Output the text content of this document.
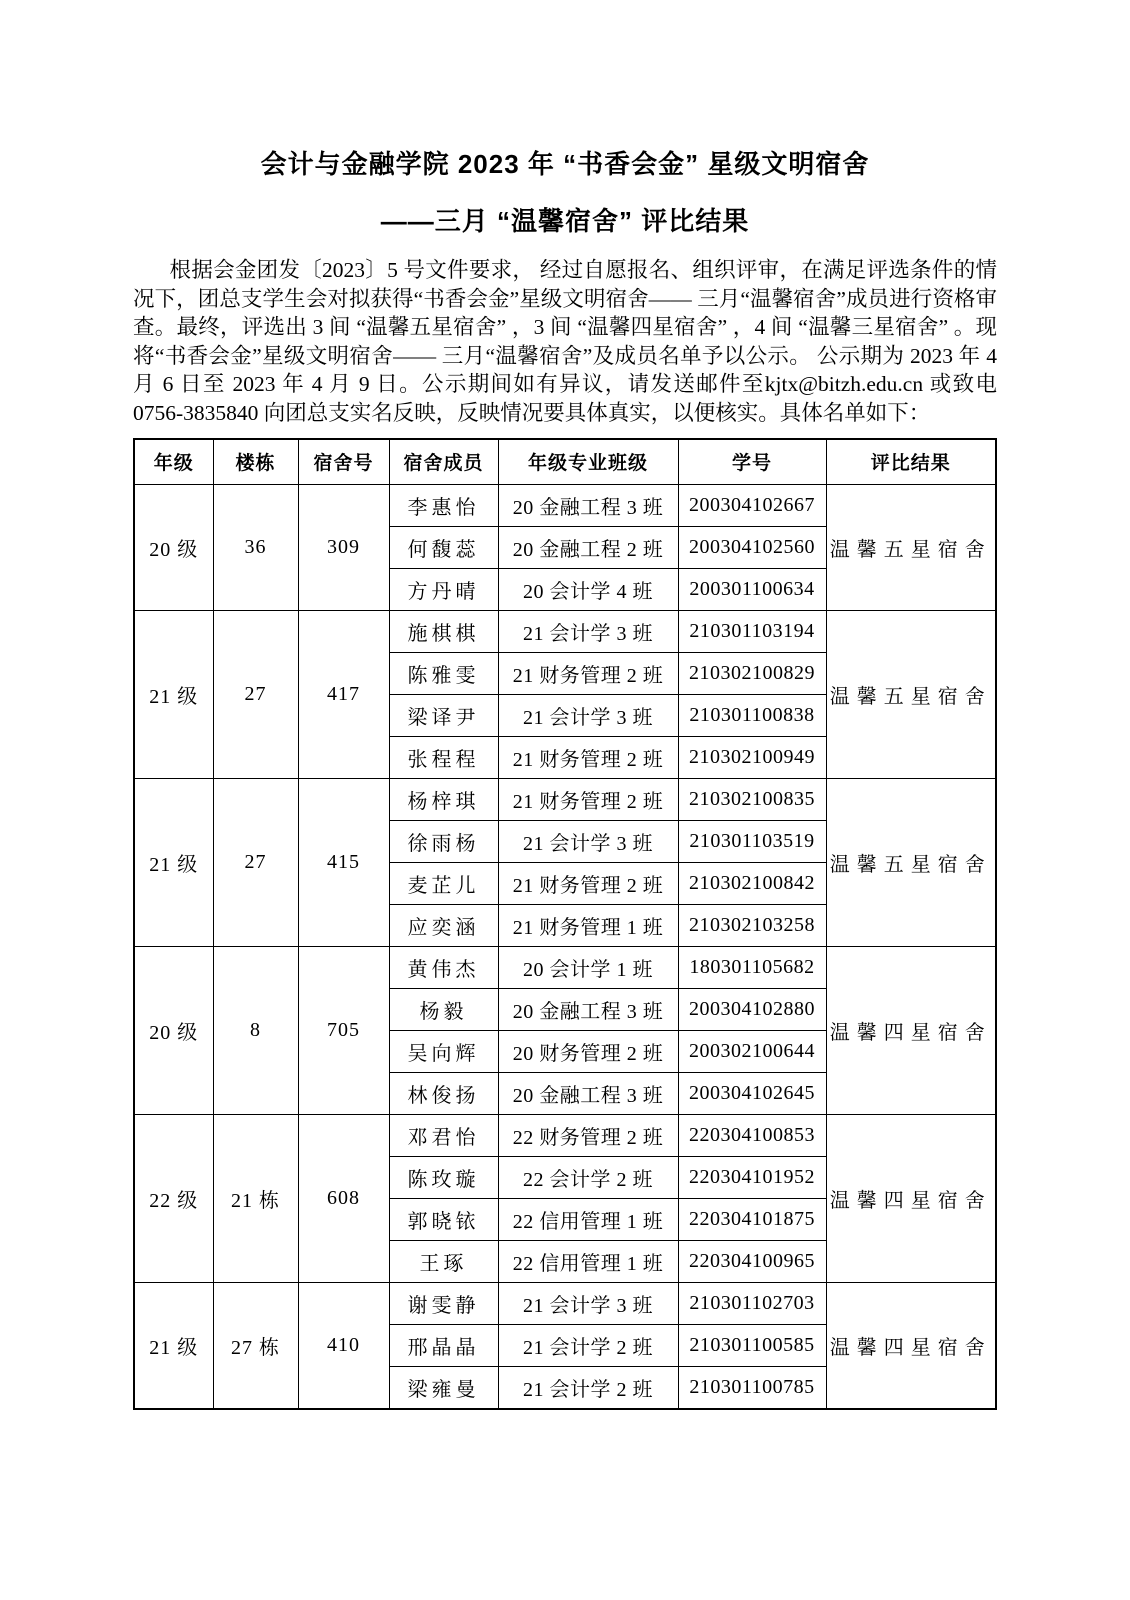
会计与金融学院 2023 年 “书香会金” 星级文明宿舍
——三月 “温馨宿舍” 评比结果

根据会金团发〔2023〕5 号文件要求， 经过自愿报名、组织评审，在满足评选条件的情况下，团总支学生会对拟获得“书香会金”星级文明宿舍—— 三月“温馨宿舍”成员进行资格审查。最终，评选出 3 间 “温馨五星宿舍” ，3 间 “温馨四星宿舍” ，4 间 “温馨三星宿舍” 。现将“书香会金”星级文明宿舍—— 三月“温馨宿舍”及成员名单予以公示。 公示期为 2023 年 4 月 6 日至 2023 年 4 月 9 日。公示期间如有异议，请发送邮件至kjtx@bitzh.edu.cn 或致电 0756-3835840 向团总支实名反映，反映情况要具体真实，以便核实。具体名单如下：

年级	楼栋	宿舍号	宿舍成员	年级专业班级	学号	评比结果
20 级	36	309	李惠怡	20 金融工程 3 班	200304102667	温馨五星宿舍
			何馥蕊	20 金融工程 2 班	200304102560	
			方丹晴	20 会计学 4 班	200301100634	
21 级	27	417	施棋棋	21 会计学 3 班	210301103194	温馨五星宿舍
			陈雅雯	21 财务管理 2 班	210302100829	
			梁译尹	21 会计学 3 班	210301100838	
			张程程	21 财务管理 2 班	210302100949	
21 级	27	415	杨梓琪	21 财务管理 2 班	210302100835	温馨五星宿舍
			徐雨杨	21 会计学 3 班	210301103519	
			麦芷儿	21 财务管理 2 班	210302100842	
			应奕涵	21 财务管理 1 班	210302103258	
20 级	8	705	黄伟杰	20 会计学 1 班	180301105682	温馨四星宿舍
			杨毅	20 金融工程 3 班	200304102880	
			吴向辉	20 财务管理 2 班	200302100644	
			林俊扬	20 金融工程 3 班	200304102645	
22 级	21 栋	608	邓君怡	22 财务管理 2 班	220304100853	温馨四星宿舍
			陈玫璇	22 会计学 2 班	220304101952	
			郭晓铱	22 信用管理 1 班	220304101875	
			王琢	22 信用管理 1 班	220304100965	
21 级	27 栋	410	谢雯静	21 会计学 3 班	210301102703	温馨四星宿舍
			邢晶晶	21 会计学 2 班	210301100585	
			梁雍曼	21 会计学 2 班	210301100785	
